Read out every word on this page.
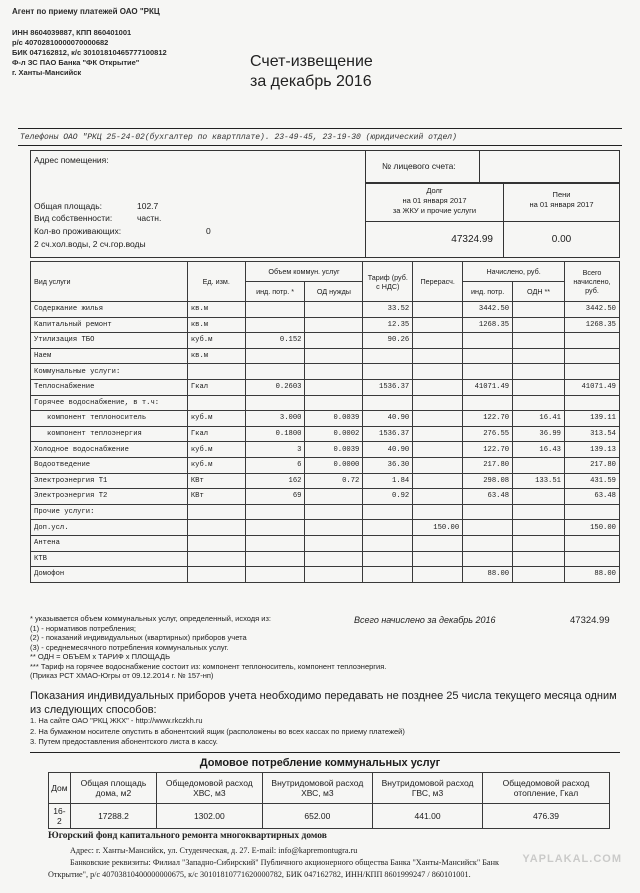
Агент по приему платежей ОАО "РКЦ
ИНН 8604039887, КПП 860401001
р/с 40702810000070000682
БИК 047162812, к/с 30101810465777100812
Ф-л ЗС ПАО Банка "ФК Открытие"
г. Ханты-Мансийск
Счет-извещение
за декабрь 2016
Телефоны ОАО "РКЦ 25-24-02(бухгалтер по квартплате). 23-49-45, 23-19-30 (юридический отдел)
Адрес помещения:
Общая площадь:	102.7
Вид собственности:	частн.
Кол-во проживающих:	0
2 сч.хол.воды, 2 сч.гор.воды
№ лицевого счета:
Долг
на 01 января 2017
за ЖКУ и прочие услуги
Пени
на 01 января 2017
47324.99	0.00
Вид услуги	Ед. изм.	Объем коммун. услуг		Тариф (руб. с НДС)	Перерасч.	Начислено, руб.		Всего начислено, руб.
		инд. потр. *	ОД нужды			инд. потр.	ОДН **	
Содержание жилья	кв.м			33.52		3442.50		3442.50
Капитальный ремонт	кв.м			12.35		1268.35		1268.35
Утилизация ТБО	куб.м	0.152		90.26				
Наем	кв.м							
Коммунальные услуги:								
Теплоснабжение	Гкал	0.2603		1536.37		41071.49		41071.49
Горячее водоснабжение, в т.ч:								
компонент теплоноситель	куб.м	3.000	0.0039	40.90		122.70	16.41	139.11
компонент теплоэнергия	Гкал	0.1800	0.0002	1536.37		276.55	36.99	313.54
Холодное водоснабжение	куб.м	3	0.0039	40.90		122.70	16.43	139.13
Водоотведение	куб.м	6	0.0000	36.30		217.80		217.80
Электроэнергия Т1	КВт	162	0.72	1.84		298.08	133.51	431.59
Электроэнергия Т2	КВт	69		0.92		63.48		63.48
Прочие услуги:								
Доп.усл.					150.00			150.00
Антена								
КТВ								
Домофон						88.00		88.00
* указывается объем коммунальных услуг, определенный, исходя из:
(1) - нормативов потребления;
(2) - показаний индивидуальных (квартирных) приборов учета
(3) - среднемесячного потребления коммунальных услуг.
** ОДН = ОБЪЕМ х ТАРИФ х ПЛОЩАДЬ
*** Тариф на горячее водоснабжение состоит из: компонент теплоноситель, компонент теплоэнергия.
(Приказ РСТ ХМАО-Югры от 09.12.2014 г. № 157-нп)
Всего начислено за декабрь 2016	47324.99
Показания индивидуальных приборов учета необходимо передавать не позднее 25 числа текущего месяца одним из следующих способов:
1. На сайте ОАО "РКЦ ЖКХ" - http://www.rkczkh.ru
2. На бумажном носителе опустить в абонентский ящик (расположены во всех кассах по приему платежей)
3. Путем предоставления абонентского листа в кассу.
Домовое потребление коммунальных услуг
Дом	Общая площадь дома, м2	Общедомовой расход ХВС, м3	Внутридомовой расход ХВС, м3	Внутридомовой расход ГВС, м3	Общедомовой расход отопление, Гкал
16-2	17288.2	1302.00	652.00	441.00	476.39
Югорский фонд капитального ремонта многоквартирных домов
Адрес: г. Ханты-Мансийск, ул. Студенческая, д. 27. E-mail: info@kapremontugra.ru
Банковские реквизиты: Филиал "Западно-Сибирский" Публичного акционерного общества Банка "Ханты-Мансийск" Банк
Открытие", р/с 40703810400000000675, к/с 30101810771620000782, БИК 047162782, ИНН/КПП 8601999247 / 860101001.
YAPLAKAL.COM
